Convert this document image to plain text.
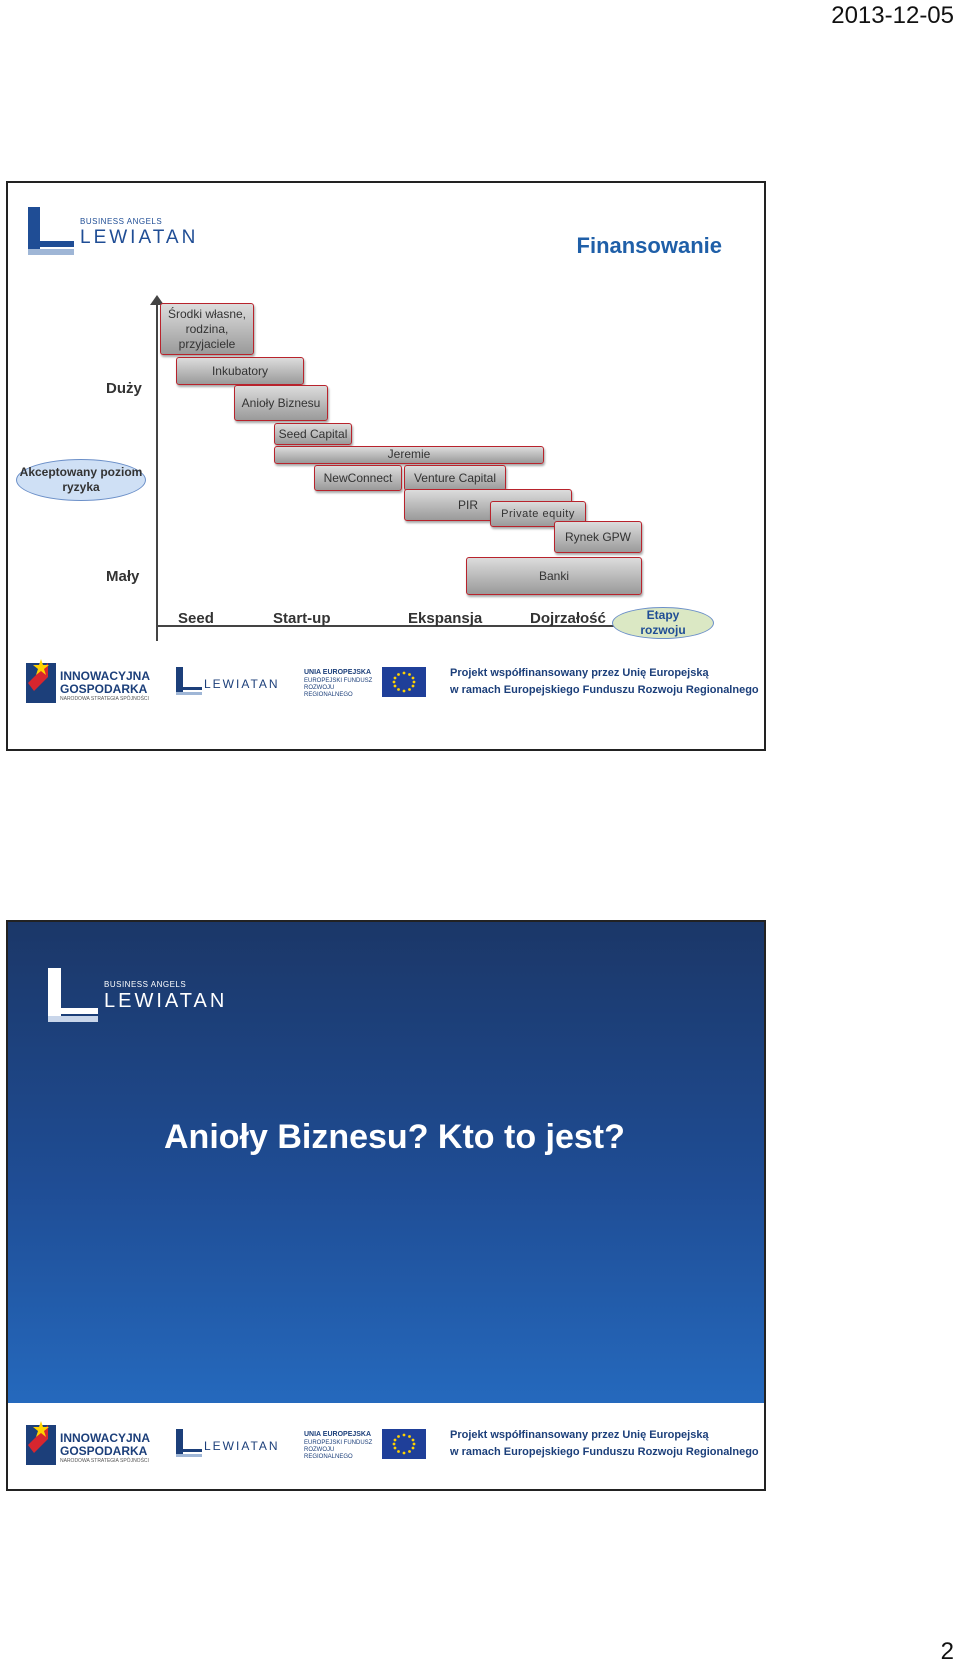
2013-12-05
BUSINESS ANGELS
LEWIATAN	Finansowanie
Duży
Mały
Akceptowany poziom ryzyka
Środki własne, rodzina, przyjaciele
Inkubatory
Anioły Biznesu
Seed Capital
Jeremie
NewConnect	Venture Capital
PIR
Private equity
Rynek GPW
Banki
Seed	Start-up	Ekspansja	Dojrzałość	Etapy rozwoju
INNOWACYJNA
GOSPODARKA
NARODOWA STRATEGIA SPÓJNOŚCI
LEWIATAN
UNIA EUROPEJSKA
EUROPEJSKI FUNDUSZ ROZWOJU REGIONALNEGO
Projekt współfinansowany przez Unię Europejską
w ramach Europejskiego Funduszu Rozwoju Regionalnego
BUSINESS ANGELS
LEWIATAN
Anioły Biznesu? Kto to jest?
INNOWACYJNA
GOSPODARKA
NARODOWA STRATEGIA SPÓJNOŚCI
LEWIATAN
UNIA EUROPEJSKA
EUROPEJSKI FUNDUSZ ROZWOJU REGIONALNEGO
Projekt współfinansowany przez Unię Europejską
w ramach Europejskiego Funduszu Rozwoju Regionalnego
2
